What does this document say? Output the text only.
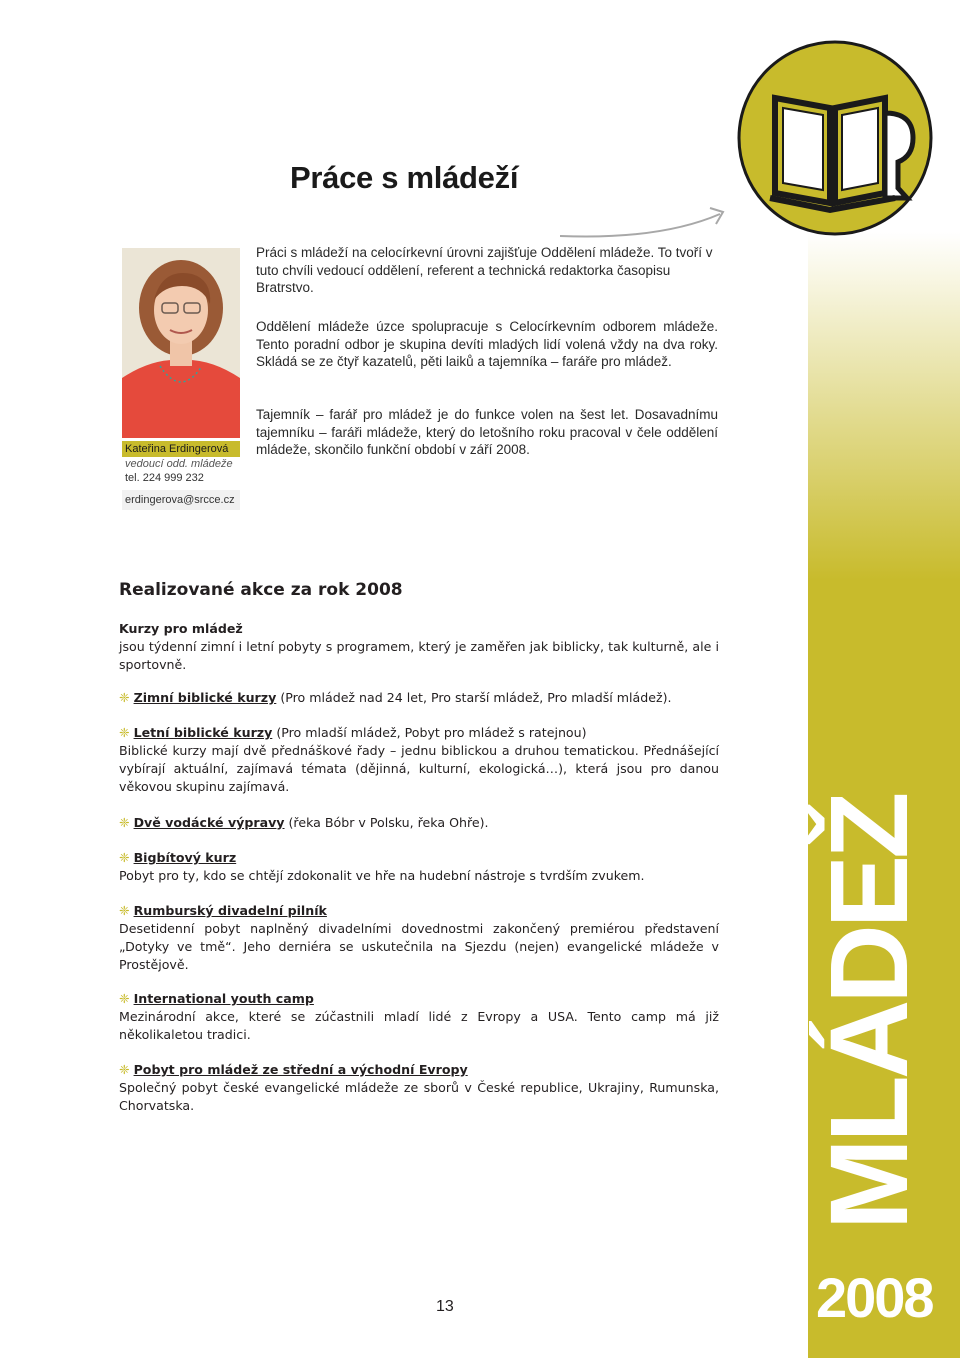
Práce s mládeží
Kateřina Erdingerová
vedoucí odd. mládeže
tel. 224 999 232
erdingerova@srcce.cz

Práci s mládeží na celocírkevní úrovni zajišťuje Oddělení mládeže. To tvoří v tuto chvíli vedoucí oddělení, referent a technická redaktorka časopisu Bratrstvo.

Oddělení mládeže úzce spolupracuje s Celocírkevním odborem mládeže. Tento poradní odbor je skupina devíti mladých lidí volená vždy na dva roky. Skládá se ze čtyř kazatelů, pěti laiků a tajemníka – faráře pro mládež.

Tajemník – farář pro mládež je do funkce volen na šest let. Dosavadnímu tajemníku – faráři mládeže, který do letošního roku pracoval v čele oddělení mládeže, skončilo funkční období v září 2008.

Realizované akce za rok 2008
Kurzy pro mládež
jsou týdenní zimní i letní pobyty s programem, který je zaměřen jak biblicky, tak kulturně, ale i sportovně.
❈ Zimní biblické kurzy (Pro mládež nad 24 let, Pro starší mládež, Pro mladší mládež).
❈ Letní biblické kurzy (Pro mladší mládež, Pobyt pro mládež s ratejnou)
Biblické kurzy mají dvě přednáškové řady – jednu biblickou a druhou tematickou. Přednášející vybírají aktuální, zajímavá témata (dějinná, kulturní, ekologická…), která jsou pro danou věkovou skupinu zajímavá.
❈ Dvě vodácké výpravy (řeka Bóbr v Polsku, řeka Ohře).
❈ Bigbítový kurz
Pobyt pro ty, kdo se chtějí zdokonalit ve hře na hudební nástroje s tvrdším zvukem.
❈ Rumburský divadelní pilník
Desetidenní pobyt naplněný divadelními dovednostmi zakončený premiérou představení „Dotyky ve tmě“. Jeho derniéra se uskutečnila na Sjezdu (nejen) evangelické mládeže v Prostějově.
❈ International youth camp
Mezinárodní akce, které se zúčastnili mladí lidé z Evropy a USA. Tento camp má již několikaletou tradici.
❈ Pobyt pro mládež ze střední a východní Evropy
Společný pobyt české evangelické mládeže ze sborů v České republice, Ukrajiny, Rumunska, Chorvatska.
13
MLÁDEŽ
2008
